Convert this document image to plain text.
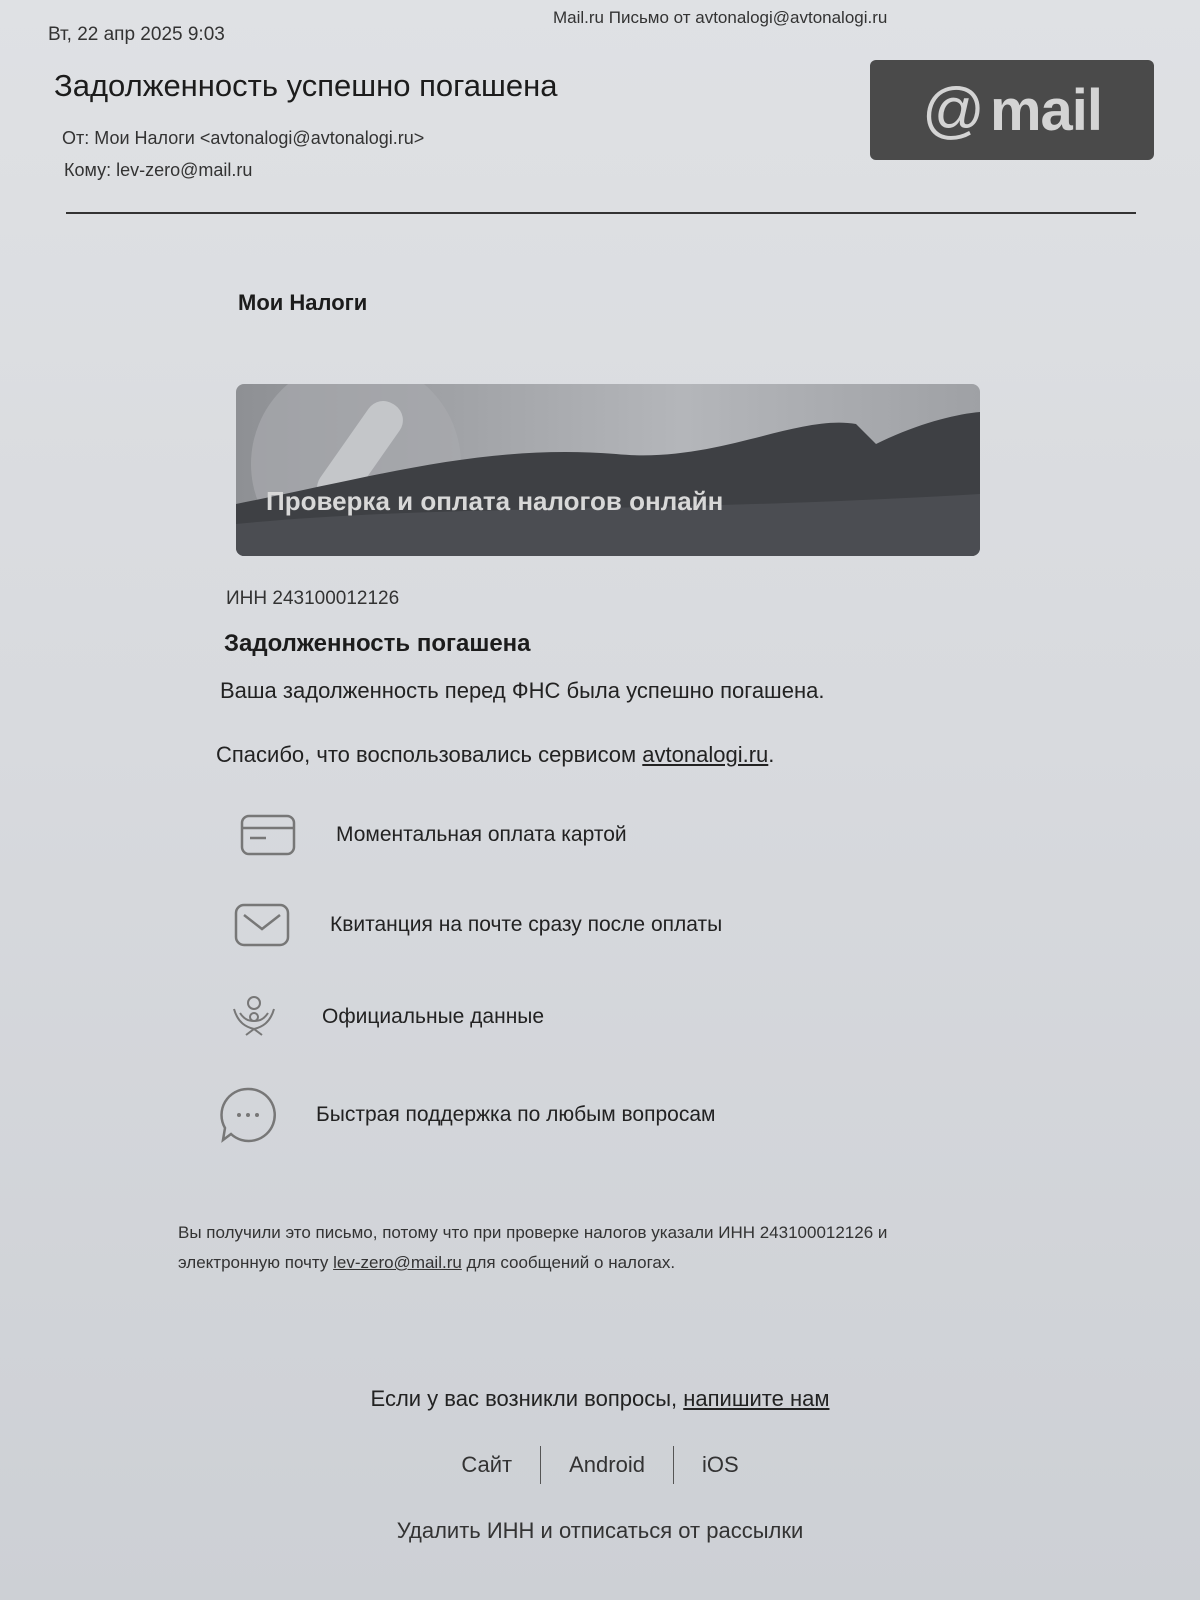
Mail.ru Письмо от avtonalogi@avtonalogi.ru
Вт, 22 апр 2025 9:03
Задолженность успешно погашена
От: Мои Налоги <avtonalogi@avtonalogi.ru>
Кому: lev-zero@mail.ru
@ mail
Мои Налоги
Проверка и оплата налогов онлайн
ИНН 243100012126
Задолженность погашена
Ваша задолженность перед ФНС была успешно погашена.
Спасибо, что воспользовались сервисом avtonalogi.ru.
Моментальная оплата картой
Квитанция на почте сразу после оплаты
Официальные данные
Быстрая поддержка по любым вопросам
Вы получили это письмо, потому что при проверке налогов указали ИНН 243100012126 и электронную почту lev-zero@mail.ru для сообщений о налогах.
Если у вас возникли вопросы, напишите нам
Сайт	Android	iOS
Удалить ИНН и отписаться от рассылки
